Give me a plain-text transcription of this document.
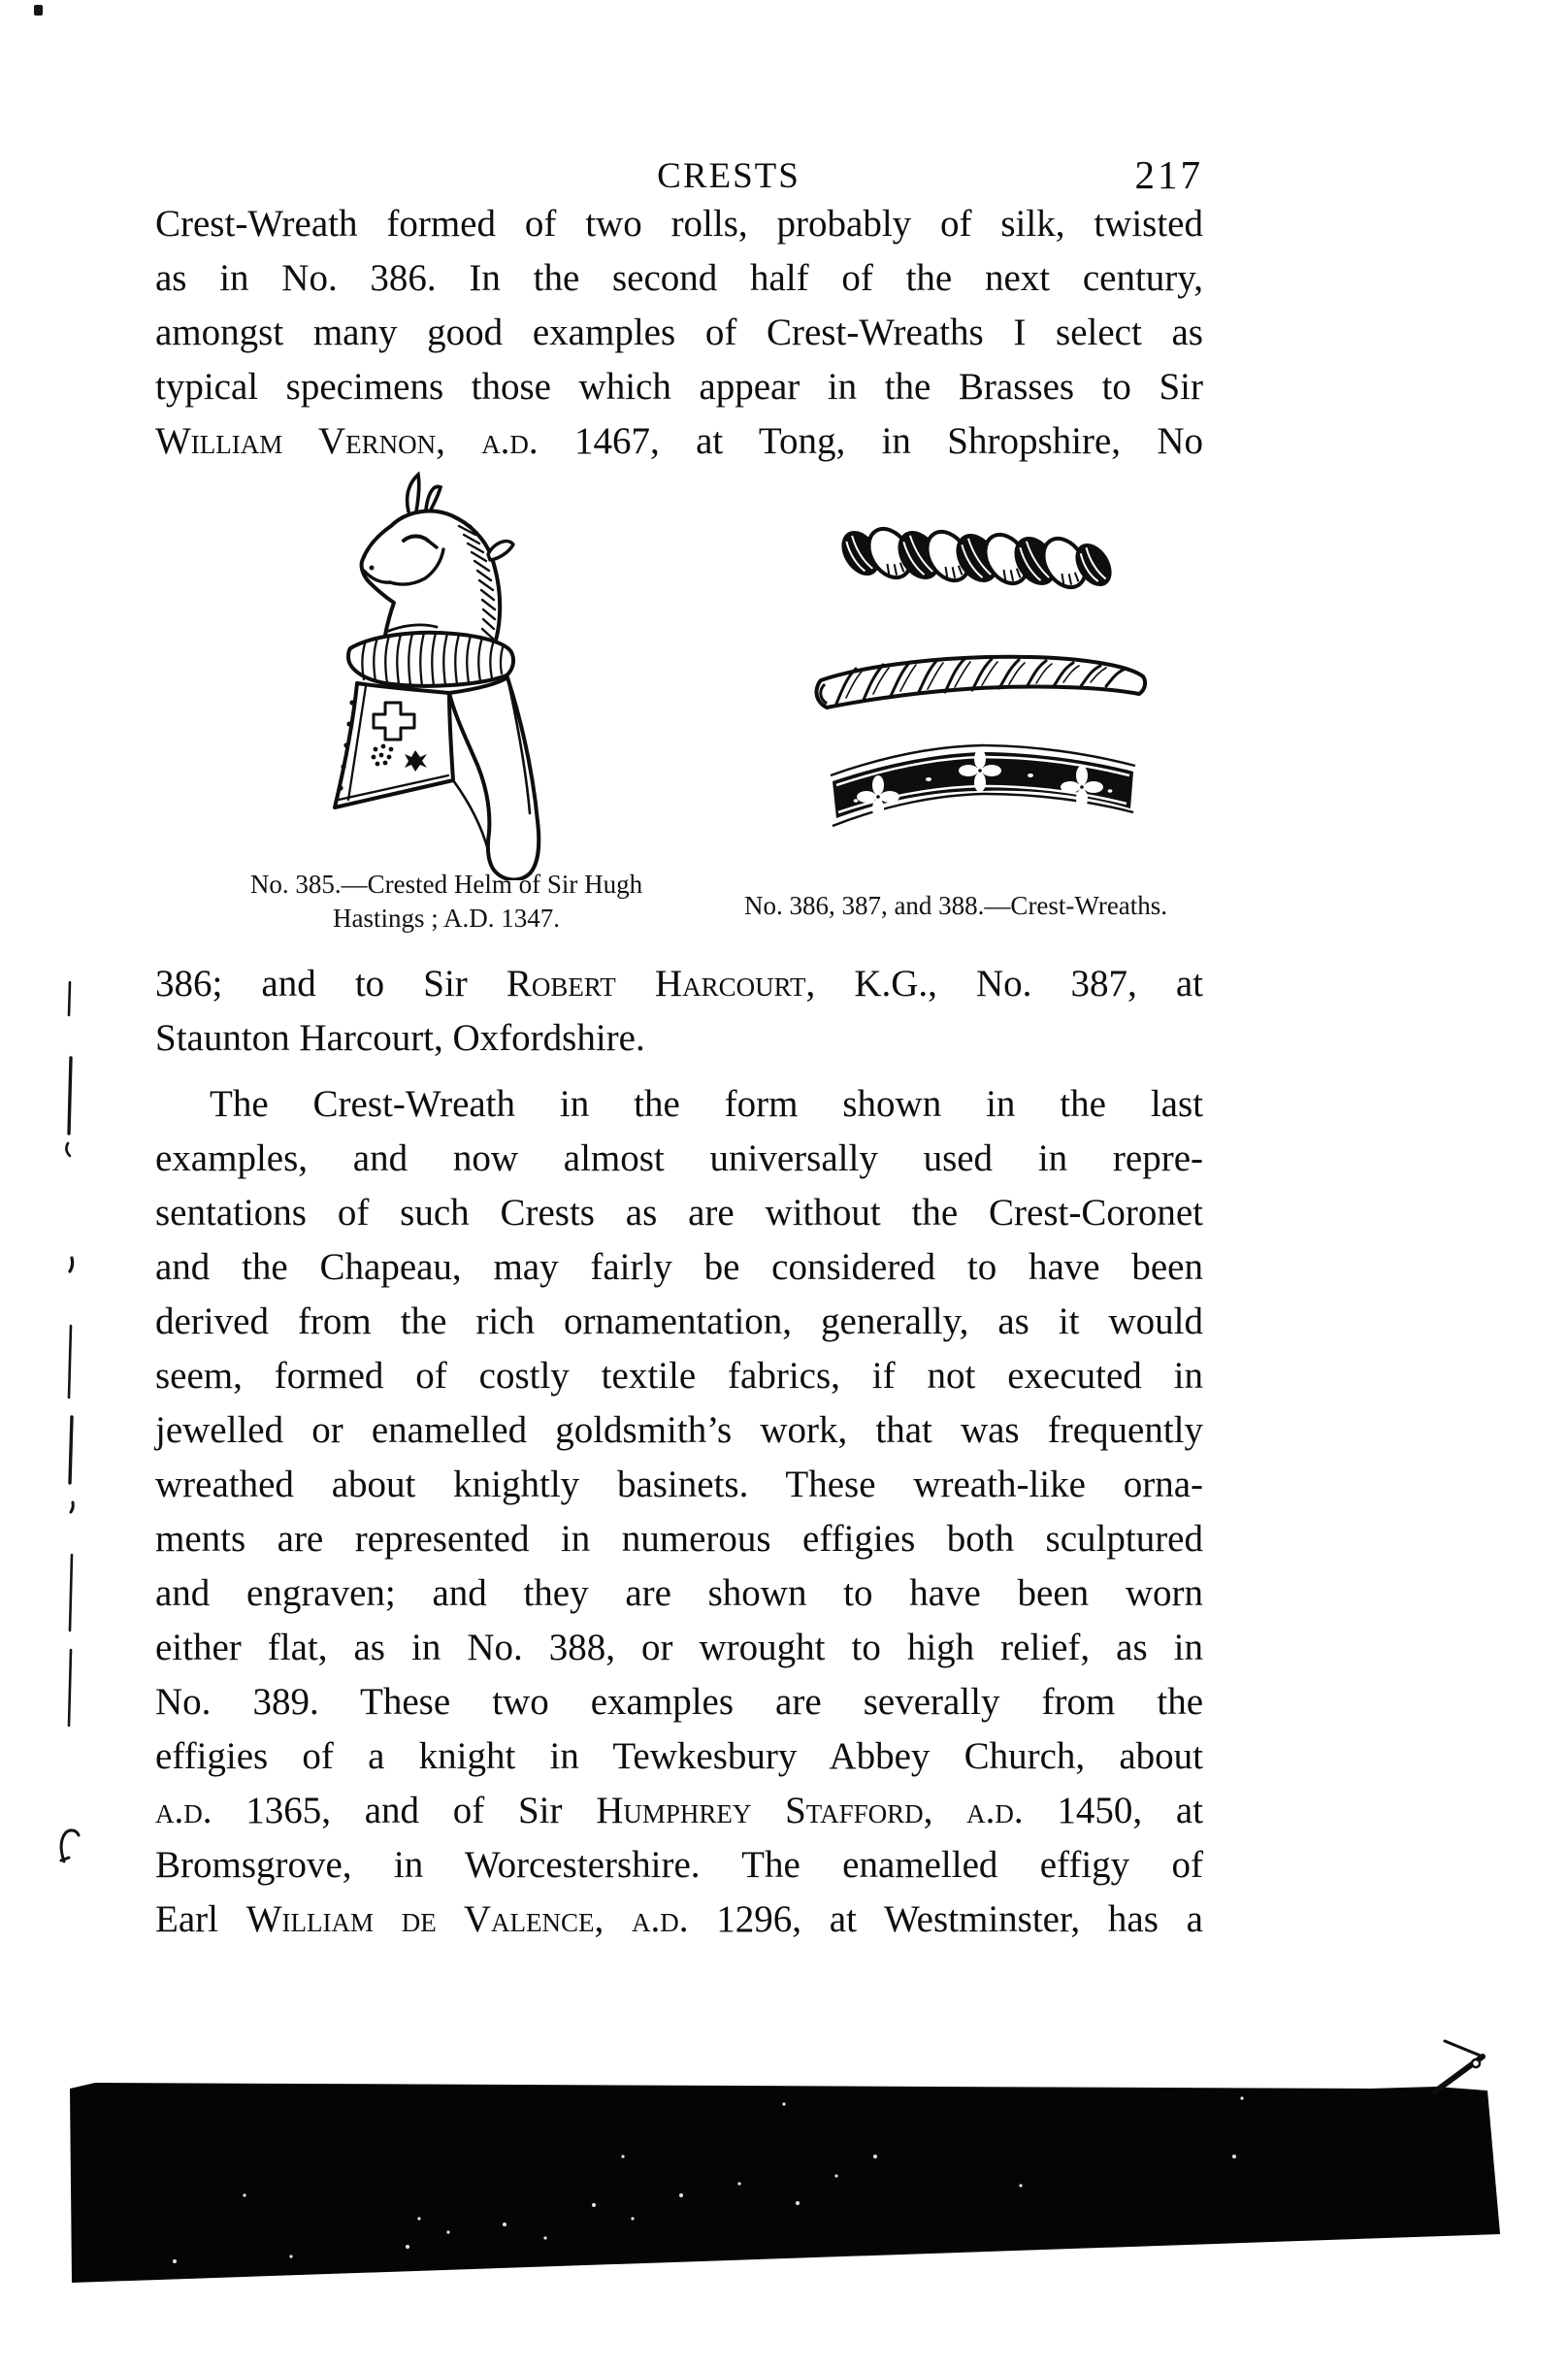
CRESTS	217
Crest-Wreath formed of two rolls, probably of silk, twisted
as in No. 386. In the second half of the next century,
amongst many good examples of Crest-Wreaths I select as
typical specimens those which appear in the Brasses to Sir
William Vernon, a.d. 1467, at Tong, in Shropshire, No
386; and to Sir Robert Harcourt, K.G., No. 387, at
Staunton Harcourt, Oxfordshire.
The Crest-Wreath in the form shown in the last
examples, and now almost universally used in repre-
sentations of such Crests as are without the Crest-Coronet
and the Chapeau, may fairly be considered to have been
derived from the rich ornamentation, generally, as it would
seem, formed of costly textile fabrics, if not executed in
jewelled or enamelled goldsmith’s work, that was frequently
wreathed about knightly basinets. These wreath-like orna-
ments are represented in numerous effigies both sculptured
and engraven; and they are shown to have been worn
either flat, as in No. 388, or wrought to high relief, as in
No. 389. These two examples are severally from the
effigies of a knight in Tewkesbury Abbey Church, about
a.d. 1365, and of Sir Humphrey Stafford, a.d. 1450, at
Bromsgrove, in Worcestershire. The enamelled effigy of
Earl William de Valence, a.d. 1296, at Westminster, has a
No. 385.—Crested Helm of Sir Hugh
Hastings ; A.D. 1347.	No. 386, 387, and 388.—Crest-Wreaths.
